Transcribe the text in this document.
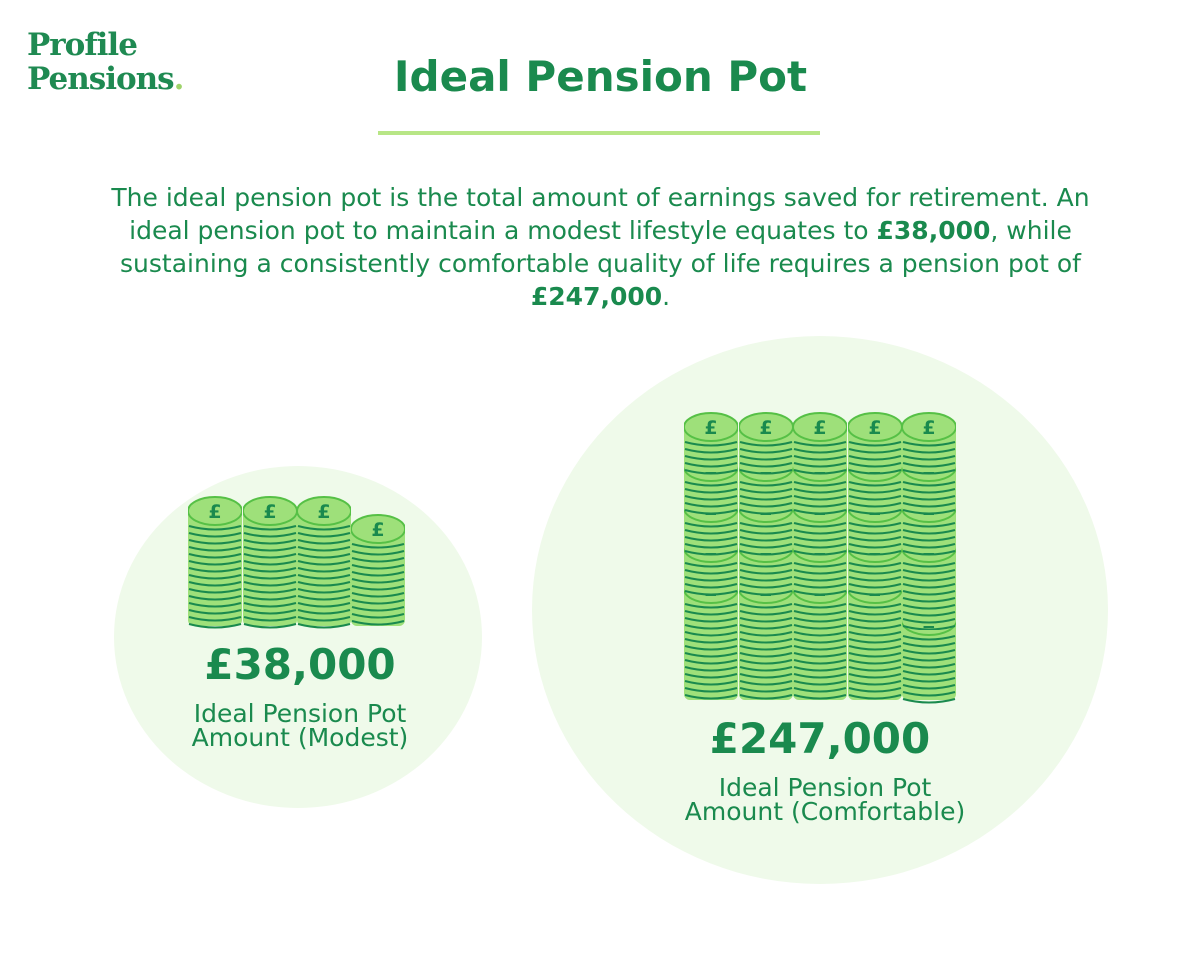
Profile
Pensions.	Ideal Pension Pot
The ideal pension pot is the total amount of earnings saved for retirement. An ideal pension pot to maintain a modest lifestyle equates to £38,000, while sustaining a consistently comfortable quality of life requires a pension pot of £247,000.
£ £ £
£
£ £ £ £ £
£38,000
Ideal Pension Pot
Amount (Modest)	£247,000
Ideal Pension Pot
Amount (Comfortable)
